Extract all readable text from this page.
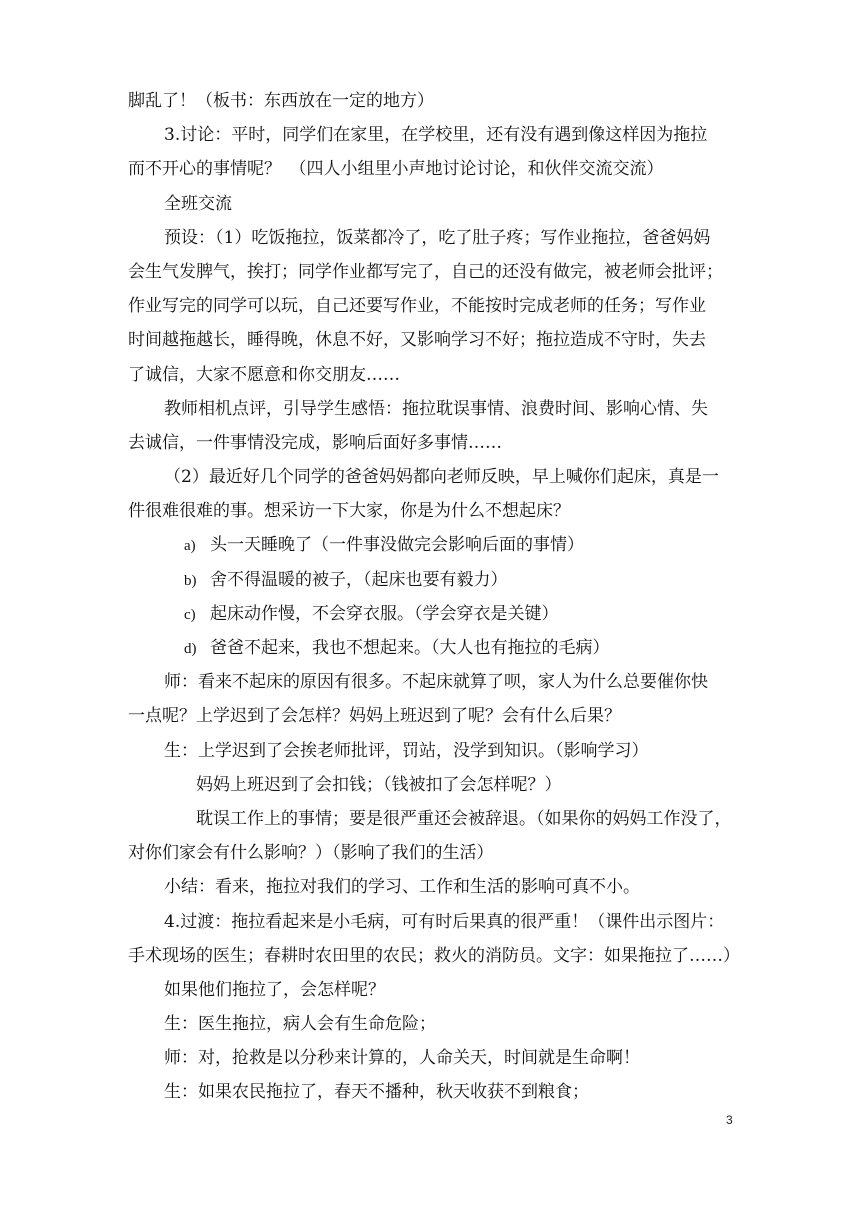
脚乱了！（板书：东西放在一定的地方）
3.讨论：平时，同学们在家里，在学校里，还有没有遇到像这样因为拖拉
而不开心的事情呢？　（四人小组里小声地讨论讨论，和伙伴交流交流）
全班交流
预设：（1）吃饭拖拉，饭菜都冷了，吃了肚子疼；写作业拖拉，爸爸妈妈
会生气发脾气，挨打；同学作业都写完了，自己的还没有做完，被老师会批评；
作业写完的同学可以玩，自己还要写作业，不能按时完成老师的任务；写作业
时间越拖越长，睡得晚，休息不好，又影响学习不好；拖拉造成不守时，失去
了诚信，大家不愿意和你交朋友……
教师相机点评，引导学生感悟：拖拉耽误事情、浪费时间、影响心情、失
去诚信，一件事情没完成，影响后面好多事情……
（2）最近好几个同学的爸爸妈妈都向老师反映，早上喊你们起床，真是一
件很难很难的事。想采访一下大家，你是为什么不想起床？
a) 头一天睡晚了（一件事没做完会影响后面的事情）
b) 舍不得温暖的被子，（起床也要有毅力）
c) 起床动作慢，不会穿衣服。（学会穿衣是关键）
d) 爸爸不起来，我也不想起来。（大人也有拖拉的毛病）
师：看来不起床的原因有很多。不起床就算了呗，家人为什么总要催你快
一点呢？上学迟到了会怎样？妈妈上班迟到了呢？会有什么后果？
生：上学迟到了会挨老师批评，罚站，没学到知识。（影响学习）
妈妈上班迟到了会扣钱；（钱被扣了会怎样呢？）
耽误工作上的事情；要是很严重还会被辞退。（如果你的妈妈工作没了，
对你们家会有什么影响？）（影响了我们的生活）
小结：看来，拖拉对我们的学习、工作和生活的影响可真不小。
4.过渡：拖拉看起来是小毛病，可有时后果真的很严重！（课件出示图片：
手术现场的医生；春耕时农田里的农民；救火的消防员。文字：如果拖拉了……）
如果他们拖拉了，会怎样呢？
生：医生拖拉，病人会有生命危险；
师：对，抢救是以分秒来计算的，人命关天，时间就是生命啊！
生：如果农民拖拉了，春天不播种，秋天收获不到粮食；
3
